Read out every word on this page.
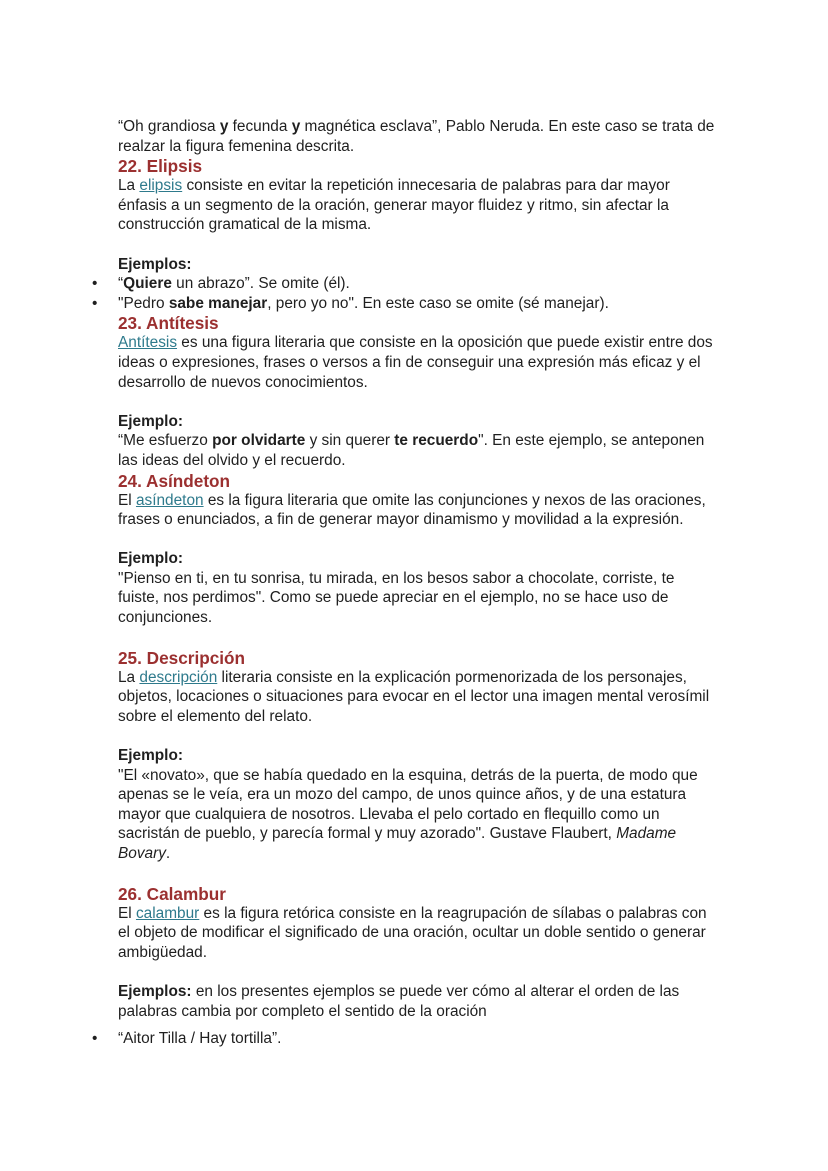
“Oh grandiosa y fecunda y magnética esclava”, Pablo Neruda. En este caso se trata de realzar la figura femenina descrita.

22. Elipsis

La elipsis consiste en evitar la repetición innecesaria de palabras para dar mayor énfasis a un segmento de la oración, generar mayor fluidez y ritmo, sin afectar la construcción gramatical de la misma.

Ejemplos:

• “Quiere un abrazo”. Se omite (él).
• "Pedro sabe manejar, pero yo no". En este caso se omite (sé manejar).
23. Antítesis

Antítesis es una figura literaria que consiste en la oposición que puede existir entre dos ideas o expresiones, frases o versos a fin de conseguir una expresión más eficaz y el desarrollo de nuevos conocimientos.

Ejemplo:

“Me esfuerzo por olvidarte y sin querer te recuerdo". En este ejemplo, se anteponen las ideas del olvido y el recuerdo.

24. Asíndeton

El asíndeton es la figura literaria que omite las conjunciones y nexos de las oraciones, frases o enunciados, a fin de generar mayor dinamismo y movilidad a la expresión.

Ejemplo:

"Pienso en ti, en tu sonrisa, tu mirada, en los besos sabor a chocolate, corriste, te fuiste, nos perdimos". Como se puede apreciar en el ejemplo, no se hace uso de conjunciones.

25. Descripción

La descripción literaria consiste en la explicación pormenorizada de los personajes, objetos, locaciones o situaciones para evocar en el lector una imagen mental verosímil sobre el elemento del relato.

Ejemplo:

"El «novato», que se había quedado en la esquina, detrás de la puerta, de modo que apenas se le veía, era un mozo del campo, de unos quince años, y de una estatura mayor que cualquiera de nosotros. Llevaba el pelo cortado en flequillo como un sacristán de pueblo, y parecía formal y muy azorado". Gustave Flaubert, Madame Bovary.

26. Calambur

El calambur es la figura retórica consiste en la reagrupación de sílabas o palabras con el objeto de modificar el significado de una oración, ocultar un doble sentido o generar ambigüedad.

Ejemplos: en los presentes ejemplos se puede ver cómo al alterar el orden de las palabras cambia por completo el sentido de la oración

• “Aitor Tilla / Hay tortilla”.
